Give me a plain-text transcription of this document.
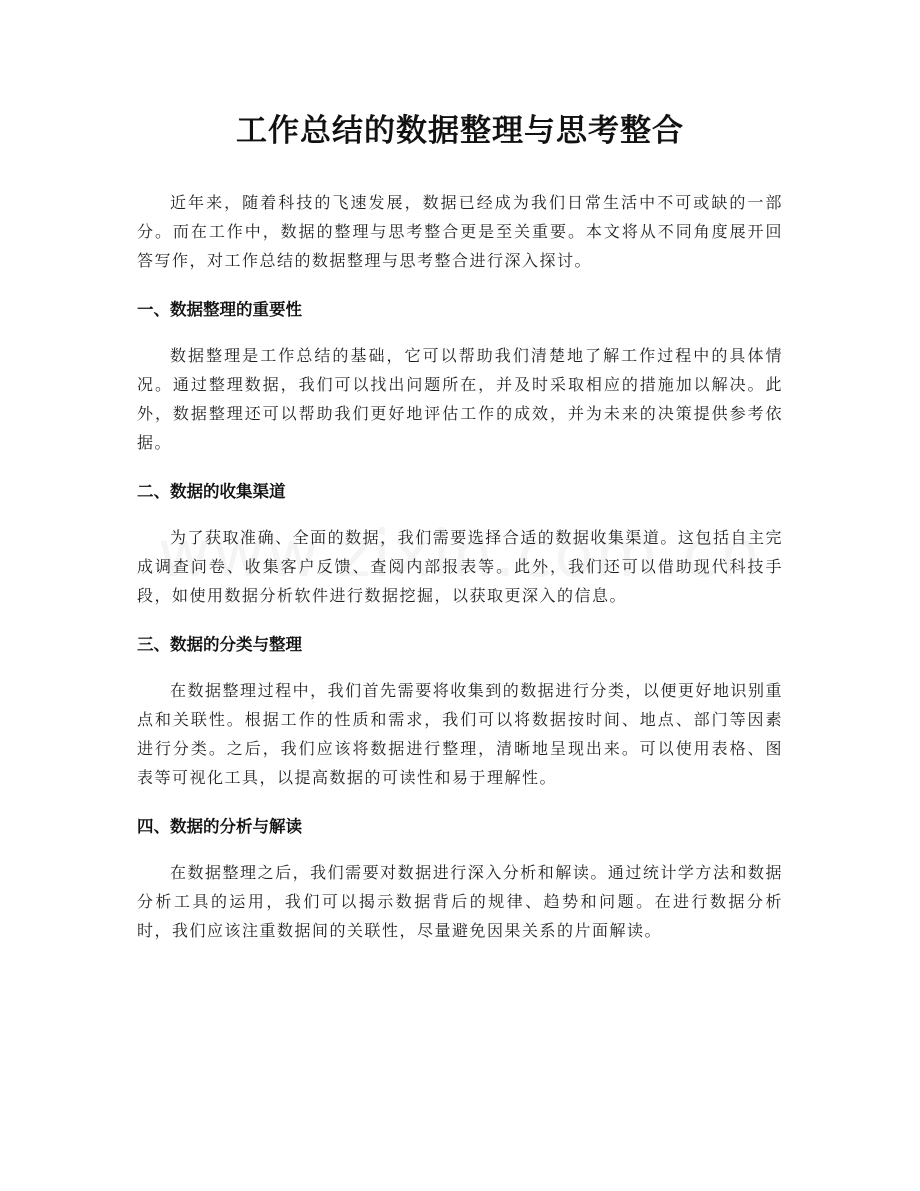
工作总结的数据整理与思考整合

近年来，随着科技的飞速发展，数据已经成为我们日常生活中不可或缺的一部分。而在工作中，数据的整理与思考整合更是至关重要。本文将从不同角度展开回答写作，对工作总结的数据整理与思考整合进行深入探讨。

一、数据整理的重要性

数据整理是工作总结的基础，它可以帮助我们清楚地了解工作过程中的具体情况。通过整理数据，我们可以找出问题所在，并及时采取相应的措施加以解决。此外，数据整理还可以帮助我们更好地评估工作的成效，并为未来的决策提供参考依据。

二、数据的收集渠道

为了获取准确、全面的数据，我们需要选择合适的数据收集渠道。这包括自主完成调查问卷、收集客户反馈、查阅内部报表等。此外，我们还可以借助现代科技手段，如使用数据分析软件进行数据挖掘，以获取更深入的信息。

三、数据的分类与整理

在数据整理过程中，我们首先需要将收集到的数据进行分类，以便更好地识别重点和关联性。根据工作的性质和需求，我们可以将数据按时间、地点、部门等因素进行分类。之后，我们应该将数据进行整理，清晰地呈现出来。可以使用表格、图表等可视化工具，以提高数据的可读性和易于理解性。

四、数据的分析与解读

在数据整理之后，我们需要对数据进行深入分析和解读。通过统计学方法和数据分析工具的运用，我们可以揭示数据背后的规律、趋势和问题。在进行数据分析时，我们应该注重数据间的关联性，尽量避免因果关系的片面解读。
